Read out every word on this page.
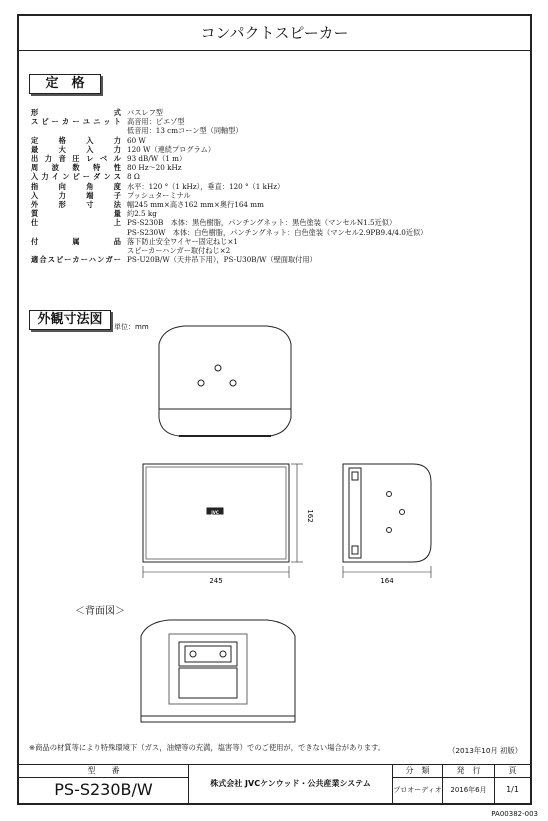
コンパクトスピーカー
定　格
形式 バスレフ型
スピーカーユニット 高音用：ピエゾ型
低音用：13 cmコーン型（同軸型）
定格入力 60 W
最大入力 120 W（連続プログラム）
出力音圧レベル 93 dB/W（1 m）
周波数特性 80 Hz～20 kHz
入力インピーダンス 8 Ω
指向角度 水平：120 °（1 kHz），垂直：120 °（1 kHz）
入力端子 プッシュターミナル
外形寸法 幅245 mm×高さ162 mm×奥行164 mm
質量 約2.5 kg
仕上 PS-S230B　本体：黒色樹脂，パンチングネット：黒色塗装（マンセルN1.5近似）
PS-S230W　本体：白色樹脂，パンチングネット：白色塗装（マンセル2.9PB9.4/4.0近似）
付属品 落下防止安全ワイヤー固定ねじ×1
スピーカーハンガー取付ねじ×2
適合スピーカーハンガー PS-U20B/W（天井吊下用），PS-U30B/W（壁面取付用）
外観寸法図	単位：mm
245
162
JVC
164
＜背面図＞
※商品の材質等により特殊環境下（ガス，油煙等の充満，塩害等）でのご使用が，できない場合があります。	（2013年10月 初版）
型　　番
PS-S230B/W	株式会社 JVCケンウッド・公共産業システム
分　類
プロオーディオ
発　行
2016年6月
頁
1/1
PA00382-003
